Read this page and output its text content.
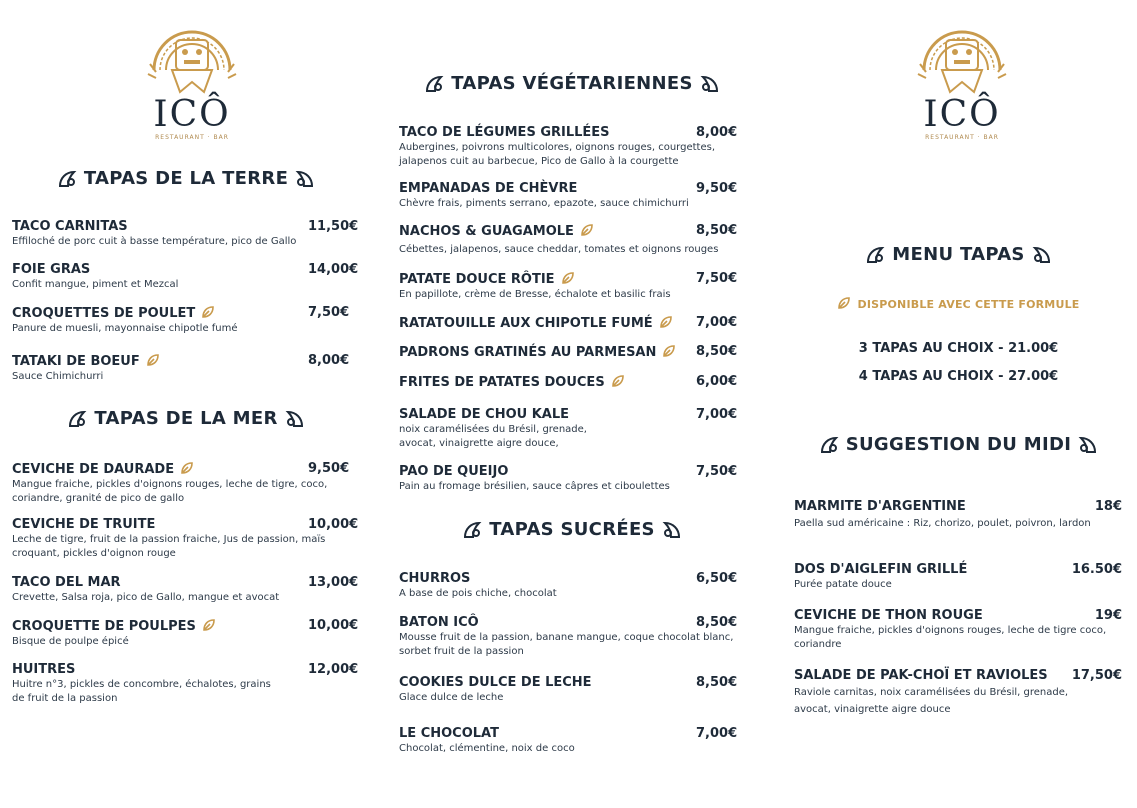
ICÔ
RESTAURANT · BAR
TAPAS DE LA TERRE
TACO CARNITAS	11,50€
Effiloché de porc cuit à basse température, pico de Gallo
FOIE GRAS	14,00€
Confit mangue, piment et Mezcal
CROQUETTES DE POULET	7,50€
Panure de muesli, mayonnaise chipotle fumé
TATAKI DE BOEUF	8,00€
Sauce Chimichurri
TAPAS DE LA MER
CEVICHE DE DAURADE	9,50€
Mangue fraiche, pickles d'oignons rouges, leche de tigre, coco, coriandre, granité de pico de gallo
CEVICHE DE TRUITE	10,00€
Leche de tigre, fruit de la passion fraiche, Jus de passion, maïs croquant, pickles d'oignon rouge
TACO DEL MAR	13,00€
Crevette, Salsa roja, pico de Gallo, mangue et avocat
CROQUETTE DE POULPES	10,00€
Bisque de poulpe épicé
HUITRES	12,00€
Huitre n°3, pickles de concombre, échalotes, grains de fruit de la passion
TAPAS VÉGÉTARIENNES
TACO DE LÉGUMES GRILLÉES	8,00€
Aubergines, poivrons multicolores, oignons rouges, courgettes, jalapenos cuit au barbecue, Pico de Gallo à la courgette
EMPANADAS DE CHÈVRE	9,50€
Chèvre frais, piments serrano, epazote, sauce chimichurri
NACHOS & GUAGAMOLE	8,50€
Cébettes, jalapenos, sauce cheddar, tomates et oignons rouges
PATATE DOUCE RÔTIE	7,50€
En papillote, crème de Bresse, échalote et basilic frais
RATATOUILLE AUX CHIPOTLE FUMÉ	7,00€
PADRONS GRATINÉS AU PARMESAN	8,50€
FRITES DE PATATES DOUCES	6,00€
SALADE DE CHOU KALE	7,00€
noix caramélisées du Brésil, grenade, avocat, vinaigrette aigre douce,
PAO DE QUEIJO	7,50€
Pain au fromage brésilien, sauce câpres et ciboulettes
TAPAS SUCRÉES
CHURROS	6,50€
A base de pois chiche, chocolat
BATON ICÔ	8,50€
Mousse fruit de la passion, banane mangue, coque chocolat blanc, sorbet fruit de la passion
COOKIES DULCE DE LECHE	8,50€
Glace dulce de leche
LE CHOCOLAT	7,00€
Chocolat, clémentine, noix de coco
ICÔ
RESTAURANT · BAR
MENU TAPAS
DISPONIBLE AVEC CETTE FORMULE
3 TAPAS AU CHOIX - 21.00€
4 TAPAS AU CHOIX - 27.00€
SUGGESTION DU MIDI
MARMITE D'ARGENTINE	18€
Paella sud américaine : Riz, chorizo, poulet, poivron, lardon
DOS D'AIGLEFIN GRILLÉ	16.50€
Purée patate douce
CEVICHE DE THON ROUGE	19€
Mangue fraiche, pickles d'oignons rouges, leche de tigre coco, coriandre
SALADE DE PAK-CHOÏ ET RAVIOLES	17,50€
Raviole carnitas, noix caramélisées du Brésil, grenade, avocat, vinaigrette aigre douce
